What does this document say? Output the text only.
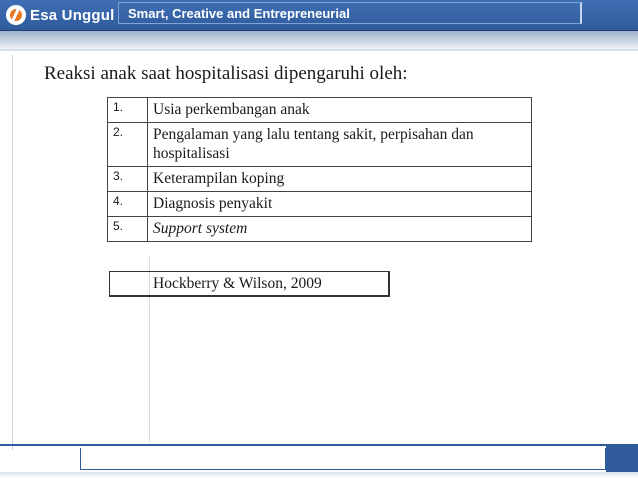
Esa Unggul Smart, Creative and Entrepreneurial
Reaksi anak saat hospitalisasi dipengaruhi oleh:
1.	Usia perkembangan anak
2.	Pengalaman yang lalu tentang sakit, perpisahan dan hospitalisasi
3.	Keterampilan koping
4.	Diagnosis penyakit
5.	Support system
Hockberry & Wilson, 2009
